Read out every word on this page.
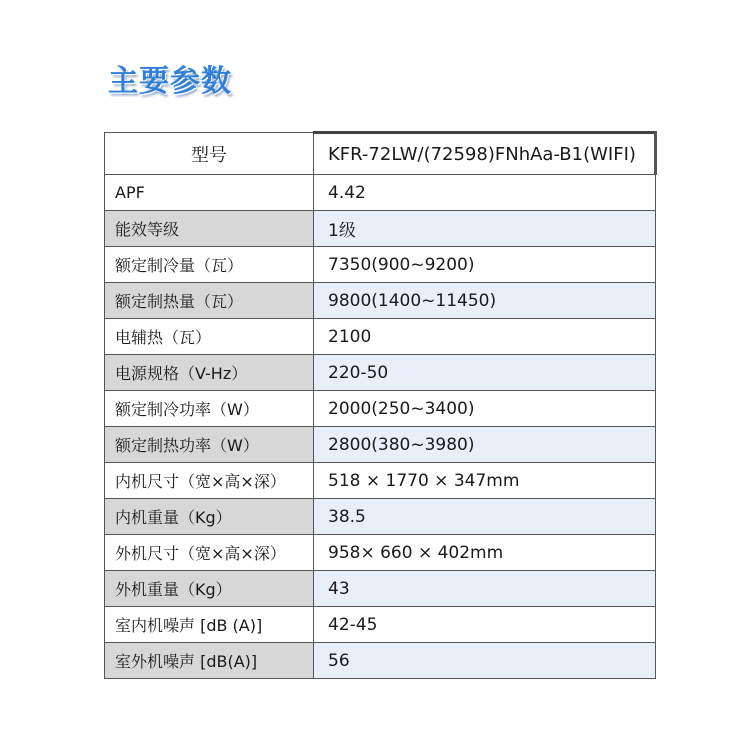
主要参数
型号	KFR-72LW/(72598)FNhAa-B1(WIFI)
APF	4.42
能效等级	1级
额定制冷量（瓦）	7350(900~9200)
额定制热量（瓦）	9800(1400~11450)
电辅热（瓦）	2100
电源规格（V-Hz）	220-50
额定制冷功率（W）	2000(250~3400)
额定制热功率（W）	2800(380~3980)
内机尺寸（宽×高×深）	518 × 1770 × 347mm
内机重量（Kg）	38.5
外机尺寸（宽×高×深）	958× 660 × 402mm
外机重量（Kg）	43
室内机噪声 [dB (A)]	42-45
室外机噪声 [dB(A)]	56
